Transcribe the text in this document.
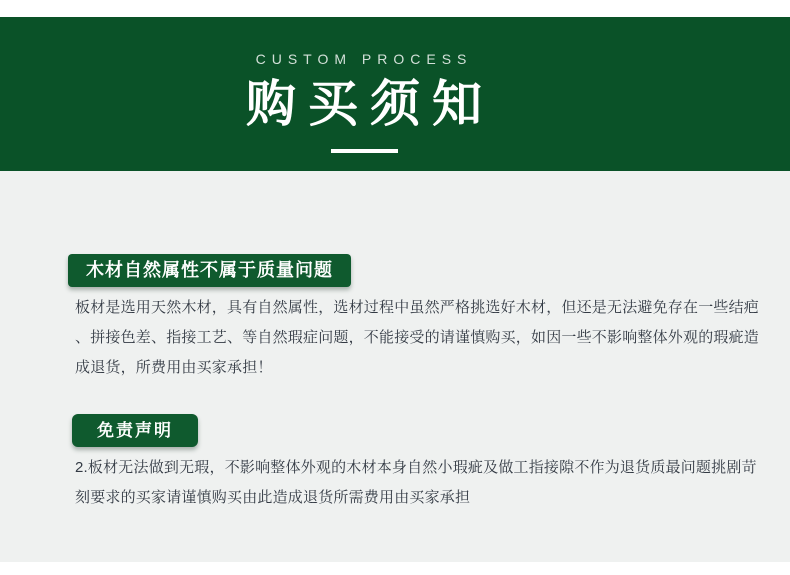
CUSTOM PROCESS
购买须知
木材自然属性不属于质量问题
板材是选用天然木材，具有自然属性，选材过程中虽然严格挑选好木材，但还是无法避免存在一些结疤
、拼接色差、指接工艺、等自然瑕症问题，不能接受的请谨慎购买，如因一些不影响整体外观的瑕疵造
成退货，所费用由买家承担！
免责声明
2.板材无法做到无瑕，不影响整体外观的木材本身自然小瑕疵及做工指接隙不作为退货质最问题挑剧苛
刻要求的买家请谨慎购买由此造成退货所需费用由买家承担
